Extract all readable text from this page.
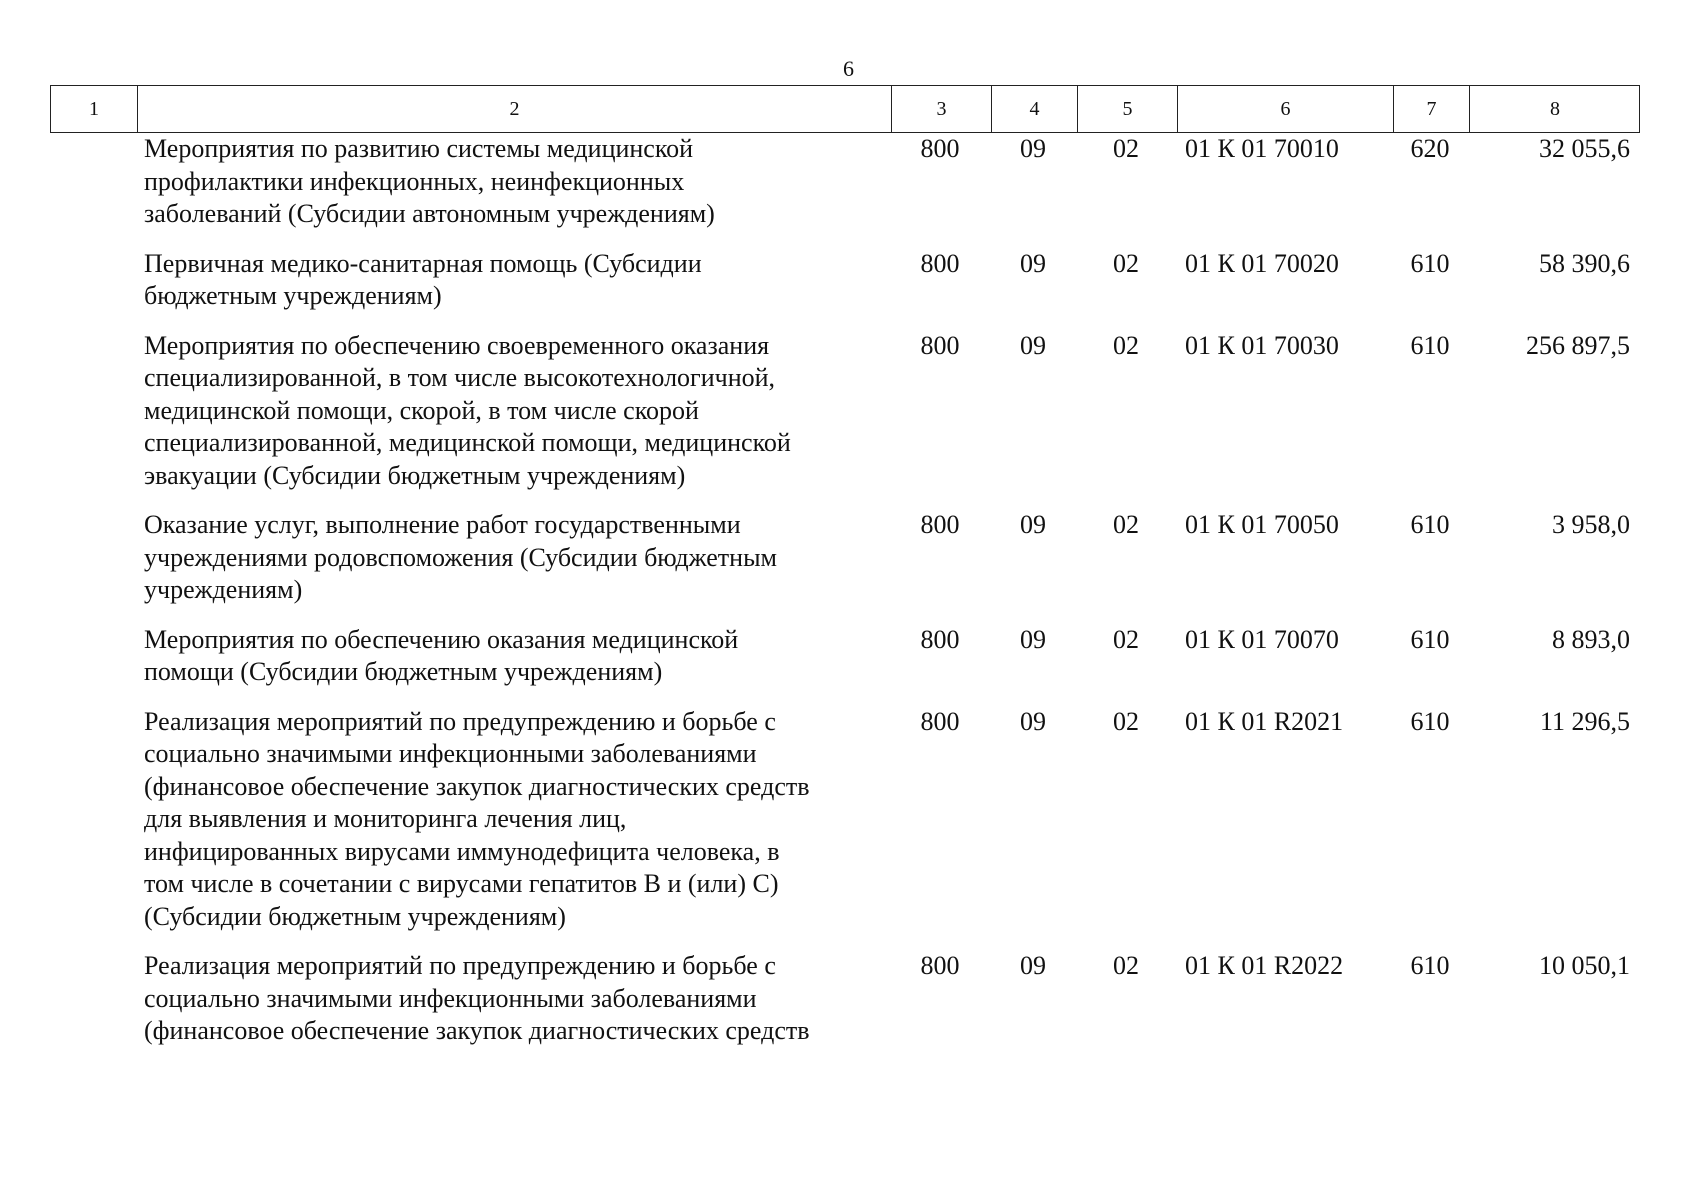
6
1	2	3	4	5	6	7	8
Мероприятия по развитию системы медицинской
профилактики инфекционных, неинфекционных
заболеваний (Субсидии автономным учреждениям)
800	09	02	01 К 01 70010	620	32 055,6
Первичная медико-санитарная помощь (Субсидии
бюджетным учреждениям)
800	09	02	01 К 01 70020	610	58 390,6
Мероприятия по обеспечению своевременного оказания
специализированной, в том числе высокотехнологичной,
медицинской помощи, скорой, в том числе скорой
специализированной, медицинской помощи, медицинской
эвакуации (Субсидии бюджетным учреждениям)
800	09	02	01 К 01 70030	610	256 897,5
Оказание услуг, выполнение работ государственными
учреждениями родовспоможения (Субсидии бюджетным
учреждениям)
800	09	02	01 К 01 70050	610	3 958,0
Мероприятия по обеспечению оказания медицинской
помощи (Субсидии бюджетным учреждениям)
800	09	02	01 К 01 70070	610	8 893,0
Реализация мероприятий по предупреждению и борьбе с
социально значимыми инфекционными заболеваниями
(финансовое обеспечение закупок диагностических средств
для выявления и мониторинга лечения лиц,
инфицированных вирусами иммунодефицита человека, в
том числе в сочетании с вирусами гепатитов В и (или) С)
(Субсидии бюджетным учреждениям)
800	09	02	01 К 01 R2021	610	11 296,5
Реализация мероприятий по предупреждению и борьбе с
социально значимыми инфекционными заболеваниями
(финансовое обеспечение закупок диагностических средств
800	09	02	01 К 01 R2022	610	10 050,1
